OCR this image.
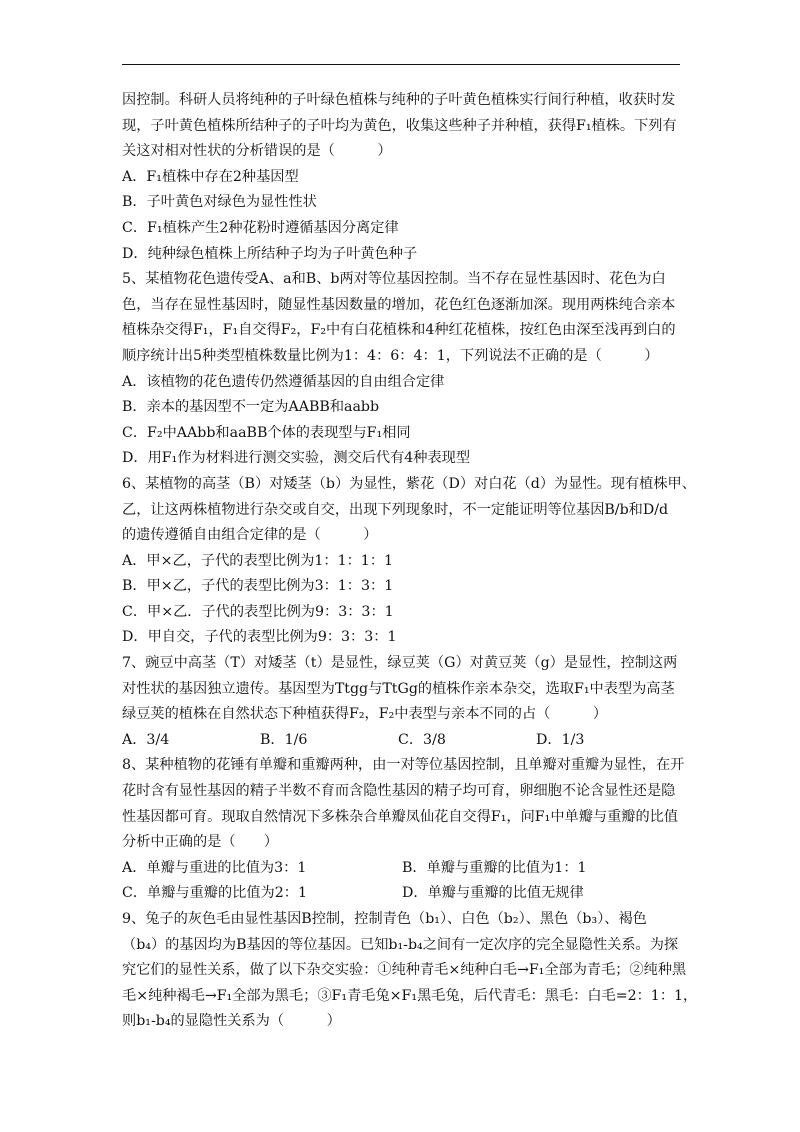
因控制。科研人员将纯种的子叶绿色植株与纯种的子叶黄色植株实行间行种植，收获时发

现，子叶黄色植株所结种子的子叶均为黄色，收集这些种子并种植，获得F₁植株。下列有

关这对相对性状的分析错误的是（　　　）

A．F₁植株中存在2种基因型

B．子叶黄色对绿色为显性性状

C．F₁植株产生2种花粉时遵循基因分离定律

D．纯种绿色植株上所结种子均为子叶黄色种子

5、某植物花色遗传受A、a和B、b两对等位基因控制。当不存在显性基因时、花色为白

色，当存在显性基因时，随显性基因数量的增加，花色红色逐渐加深。现用两株纯合亲本

植株杂交得F₁，F₁自交得F₂，F₂中有白花植株和4种红花植株，按红色由深至浅再到白的

顺序统计出5种类型植株数量比例为1：4：6：4：1，下列说法不正确的是（　　　）

A．该植物的花色遗传仍然遵循基因的自由组合定律

B．亲本的基因型不一定为AABB和aabb

C．F₂中AAbb和aaBB个体的表现型与F₁相同

D．用F₁作为材料进行测交实验，测交后代有4种表现型

6、某植物的高茎（B）对矮茎（b）为显性，紫花（D）对白花（d）为显性。现有植株甲、

乙，让这两株植物进行杂交或自交，出现下列现象时，不一定能证明等位基因B/b和D/d

的遗传遵循自由组合定律的是（　　　）

A．甲×乙，子代的表型比例为1：1：1：1

B．甲×乙，子代的表型比例为3：1：3：1

C．甲×乙．子代的表型比例为9：3：3：1

D．甲自交，子代的表型比例为9：3：3：1

7、豌豆中高茎（T）对矮茎（t）是显性，绿豆荚（G）对黄豆荚（g）是显性，控制这两

对性状的基因独立遗传。基因型为Ttgg与TtGg的植株作亲本杂交，选取F₁中表型为高茎

绿豆荚的植株在自然状态下种植获得F₂，F₂中表型与亲本不同的占（　　　）

A．3/4	B．1/6	C．3/8	D．1/3

8、某种植物的花锤有单瓣和重瓣两种，由一对等位基因控制，且单瓣对重瓣为显性，在开

花时含有显性基因的精子半数不育而含隐性基因的精子均可育，卵细胞不论含显性还是隐

性基因都可育。现取自然情况下多株杂合单瓣凤仙花自交得F₁，问F₁中单瓣与重瓣的比值

分析中正确的是（　　）

A．单瓣与重进的比值为3：1	B．单瓣与重瓣的比值为1：1
C．单瓣与重瓣的比值为2：1	D．单瓣与重瓣的比值无规律

9、兔子的灰色毛由显性基因B控制，控制青色（b₁）、白色（b₂）、黑色（b₃）、褐色

（b₄）的基因均为B基因的等位基因。已知b₁-b₄之间有一定次序的完全显隐性关系。为探

究它们的显性关系，做了以下杂交实验：①纯种青毛×纯种白毛→F₁全部为青毛；②纯种黑

毛×纯种褐毛→F₁全部为黑毛；③F₁青毛兔×F₁黑毛兔，后代青毛：黑毛：白毛=2：1：1，

则b₁-b₄的显隐性关系为（　　　）
